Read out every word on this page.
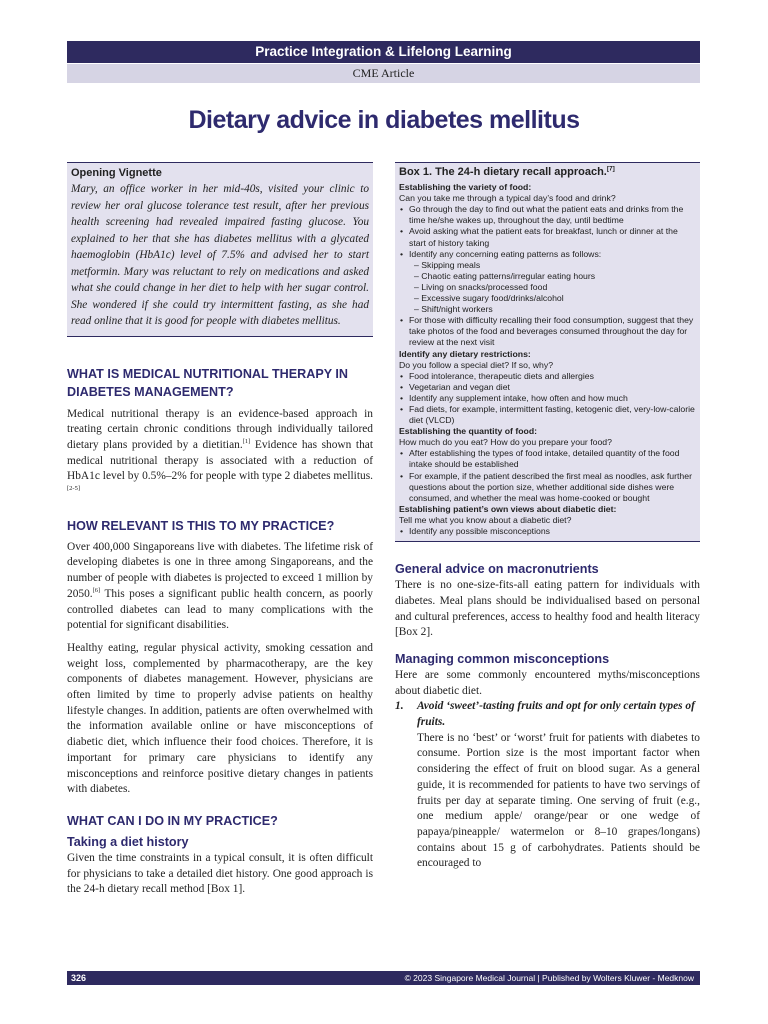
Practice Integration & Lifelong Learning
CME Article
Dietary advice in diabetes mellitus
Opening Vignette

Mary, an office worker in her mid-40s, visited your clinic to review her oral glucose tolerance test result, after her previous health screening had revealed impaired fasting glucose. You explained to her that she has diabetes mellitus with a glycated haemoglobin (HbA1c) level of 7.5% and advised her to start metformin. Mary was reluctant to rely on medications and asked what she could change in her diet to help with her sugar control. She wondered if she could try intermittent fasting, as she had read online that it is good for people with diabetes mellitus.

WHAT IS MEDICAL NUTRITIONAL THERAPY IN DIABETES MANAGEMENT?

Medical nutritional therapy is an evidence-based approach in treating certain chronic conditions through individually tailored dietary plans provided by a dietitian.[1] Evidence has shown that medical nutritional therapy is associated with a reduction of HbA1c level by 0.5%–2% for people with type 2 diabetes mellitus.[2-5]

HOW RELEVANT IS THIS TO MY PRACTICE?

Over 400,000 Singaporeans live with diabetes. The lifetime risk of developing diabetes is one in three among Singaporeans, and the number of people with diabetes is projected to exceed 1 million by 2050.[6] This poses a significant public health concern, as poorly controlled diabetes can lead to many complications with the potential for significant disabilities.

Healthy eating, regular physical activity, smoking cessation and weight loss, complemented by pharmacotherapy, are the key components of diabetes management. However, physicians are often limited by time to properly advise patients on healthy lifestyle changes. In addition, patients are often overwhelmed with the information available online or have misconceptions of diabetic diet, which influence their food choices. Therefore, it is important for primary care physicians to identify any misconceptions and reinforce positive dietary changes in patients with diabetes.

WHAT CAN I DO IN MY PRACTICE?

Taking a diet history

Given the time constraints in a typical consult, it is often difficult for physicians to take a detailed diet history. One good approach is the 24-h dietary recall method [Box 1].

Box 1. The 24-h dietary recall approach.[7]
Establishing the variety of food:
Can you take me through a typical day’s food and drink?
• Go through the day to find out what the patient eats and drinks from the time he/she wakes up, throughout the day, until bedtime
• Avoid asking what the patient eats for breakfast, lunch or dinner at the start of history taking
• Identify any concerning eating patterns as follows:
– Skipping meals
– Chaotic eating patterns/irregular eating hours
– Living on snacks/processed food
– Excessive sugary food/drinks/alcohol
– Shift/night workers
• For those with difficulty recalling their food consumption, suggest that they take photos of the food and beverages consumed throughout the day for review at the next visit
Identify any dietary restrictions:
Do you follow a special diet? If so, why?
• Food intolerance, therapeutic diets and allergies
• Vegetarian and vegan diet
• Identify any supplement intake, how often and how much
• Fad diets, for example, intermittent fasting, ketogenic diet, very-low-calorie diet (VLCD)
Establishing the quantity of food:
How much do you eat? How do you prepare your food?
• After establishing the types of food intake, detailed quantity of the food intake should be established
• For example, if the patient described the first meal as noodles, ask further questions about the portion size, whether additional side dishes were consumed, and whether the meal was home-cooked or bought
Establishing patient’s own views about diabetic diet:
Tell me what you know about a diabetic diet?
• Identify any possible misconceptions

General advice on macronutrients

There is no one-size-fits-all eating pattern for individuals with diabetes. Meal plans should be individualised based on personal and cultural preferences, access to healthy food and health literacy [Box 2].

Managing common misconceptions

Here are some commonly encountered myths/misconceptions about diabetic diet.

1. Avoid ‘sweet’-tasting fruits and opt for only certain types of fruits.

There is no ‘best’ or ‘worst’ fruit for patients with diabetes to consume. Portion size is the most important factor when considering the effect of fruit on blood sugar. As a general guide, it is recommended for patients to have two servings of fruits per day at separate timing. One serving of fruit (e.g., one medium apple/ orange/pear or one wedge of papaya/pineapple/ watermelon or 8–10 grapes/longans) contains about 15 g of carbohydrates. Patients should be encouraged to

326	© 2023 Singapore Medical Journal | Published by Wolters Kluwer - Medknow
